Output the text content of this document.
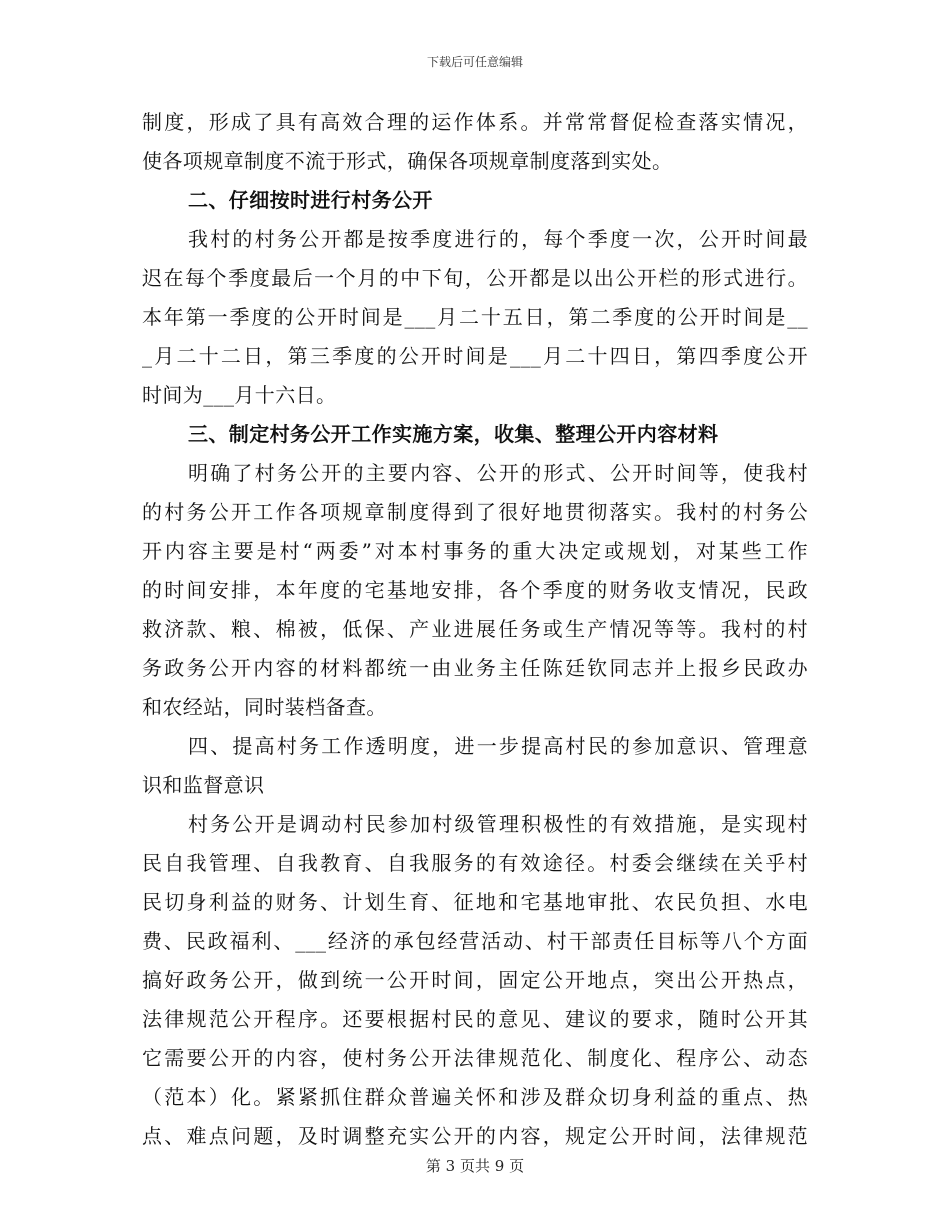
下载后可任意编辑
制度，形成了具有高效合理的运作体系。并常常督促检查落实情况，
使各项规章制度不流于形式，确保各项规章制度落到实处。
二、仔细按时进行村务公开
我村的村务公开都是按季度进行的，每个季度一次，公开时间最
迟在每个季度最后一个月的中下旬，公开都是以出公开栏的形式进行。
本年第一季度的公开时间是___月二十五日，第二季度的公开时间是__
_月二十二日，第三季度的公开时间是___月二十四日，第四季度公开
时间为___月十六日。
三、制定村务公开工作实施方案，收集、整理公开内容材料
明确了村务公开的主要内容、公开的形式、公开时间等，使我村
的村务公开工作各项规章制度得到了很好地贯彻落实。我村的村务公
开内容主要是村“两委”对本村事务的重大决定或规划，对某些工作
的时间安排，本年度的宅基地安排，各个季度的财务收支情况，民政
救济款、粮、棉被，低保、产业进展任务或生产情况等等。我村的村
务政务公开内容的材料都统一由业务主任陈廷钦同志并上报乡民政办
和农经站，同时装档备查。
四、提高村务工作透明度，进一步提高村民的参加意识、管理意
识和监督意识
村务公开是调动村民参加村级管理积极性的有效措施，是实现村
民自我管理、自我教育、自我服务的有效途径。村委会继续在关乎村
民切身利益的财务、计划生育、征地和宅基地审批、农民负担、水电
费、民政福利、___经济的承包经营活动、村干部责任目标等八个方面
搞好政务公开，做到统一公开时间，固定公开地点，突出公开热点，
法律规范公开程序。还要根据村民的意见、建议的要求，随时公开其
它需要公开的内容，使村务公开法律规范化、制度化、程序公、动态
（范本）化。紧紧抓住群众普遍关怀和涉及群众切身利益的重点、热
点、难点问题，及时调整充实公开的内容，规定公开时间，法律规范
第 3 页共 9 页
